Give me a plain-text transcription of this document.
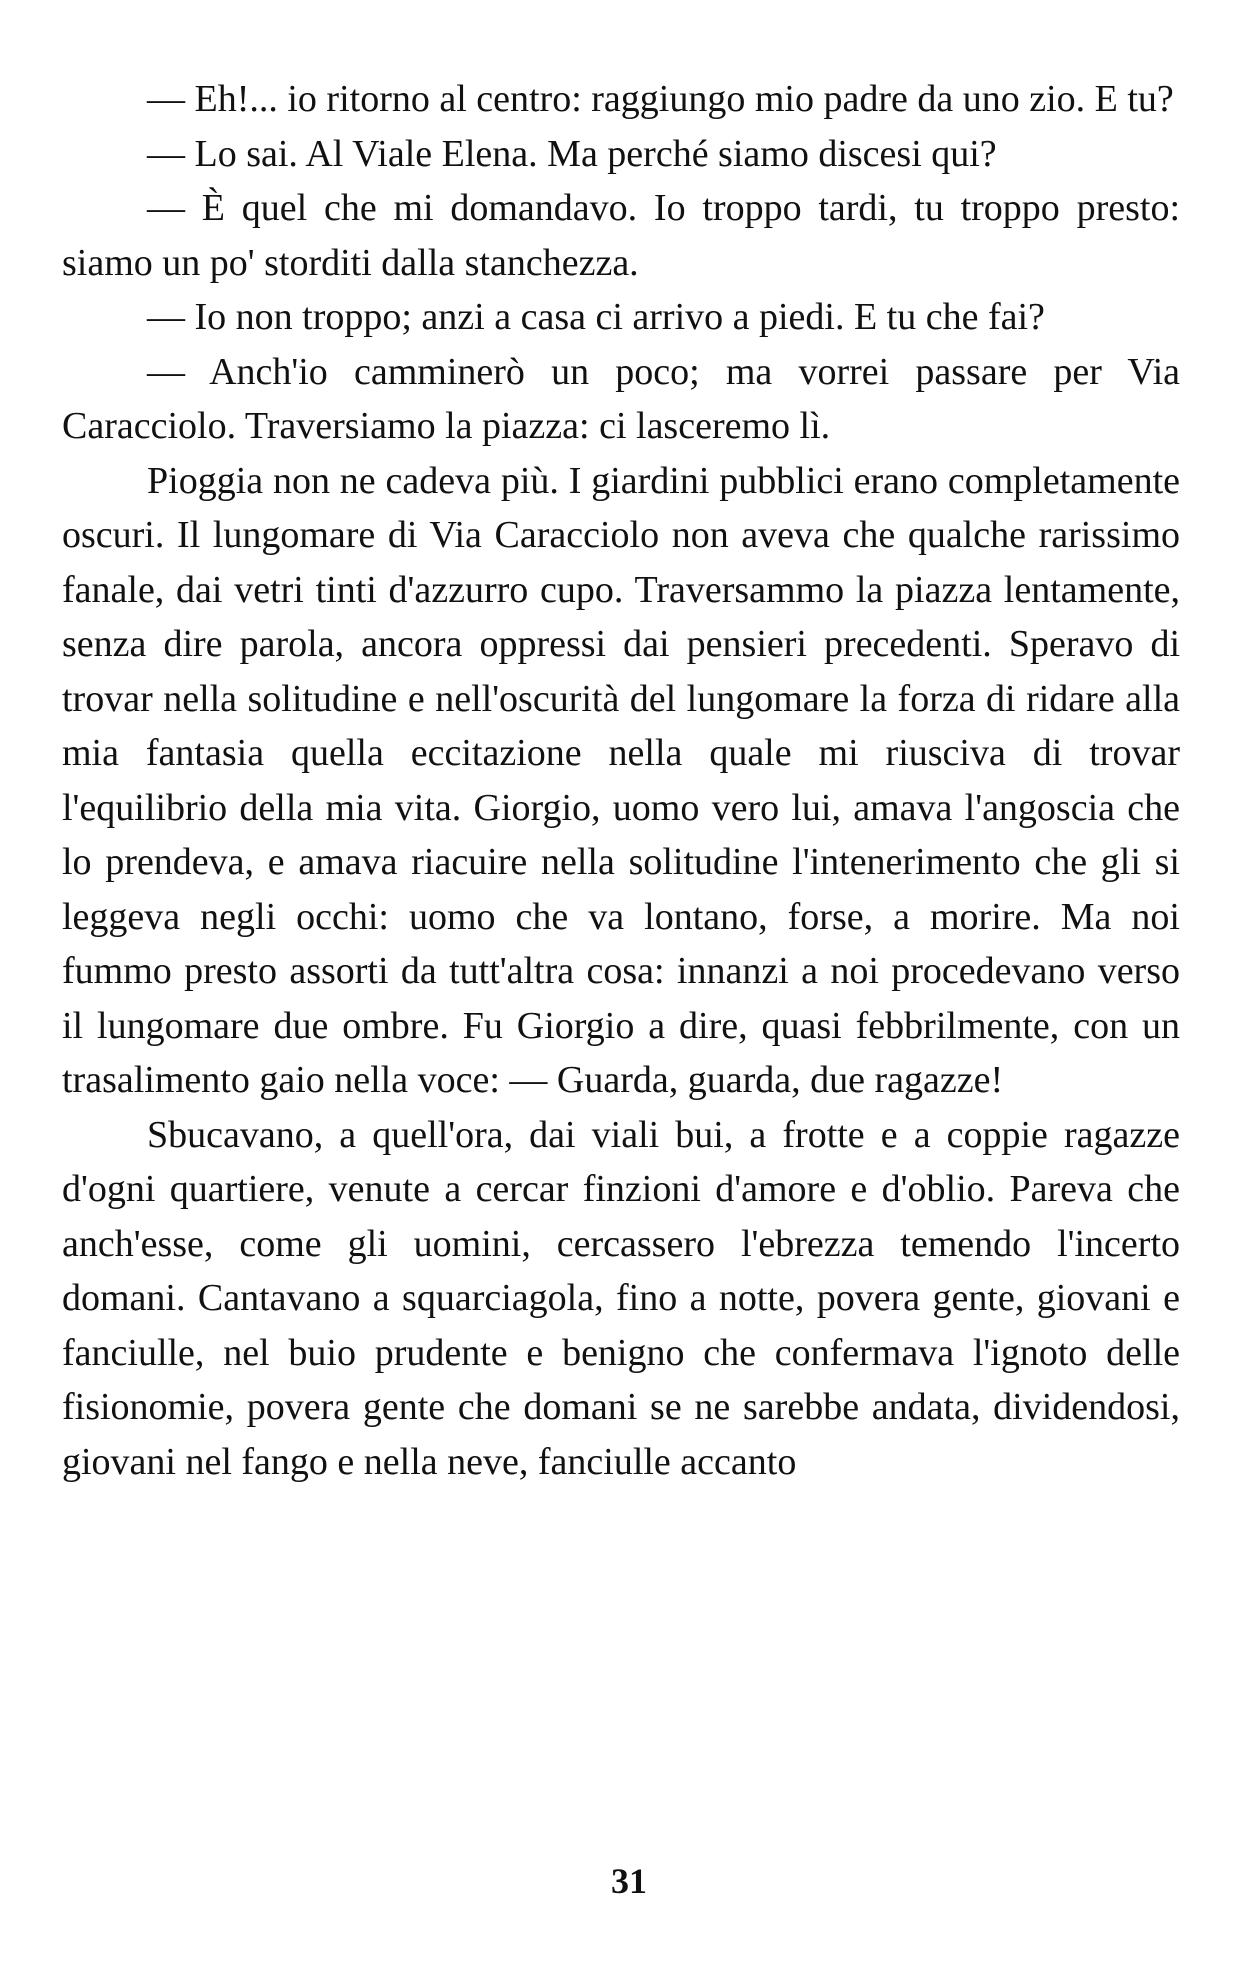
— Eh!... io ritorno al centro: raggiungo mio padre da uno zio. E tu?

— Lo sai. Al Viale Elena. Ma perché siamo discesi qui?

— È quel che mi domandavo. Io troppo tardi, tu troppo presto: siamo un po' storditi dalla stanchezza.

— Io non troppo; anzi a casa ci arrivo a piedi. E tu che fai?

— Anch'io camminerò un poco; ma vorrei passare per Via Caracciolo. Traversiamo la piazza: ci lasceremo lì.

Pioggia non ne cadeva più. I giardini pubblici erano completamente oscuri. Il lungomare di Via Caracciolo non aveva che qualche rarissimo fanale, dai vetri tinti d'azzurro cupo. Traversammo la piazza lentamente, senza dire parola, ancora oppressi dai pensieri precedenti. Speravo di trovar nella solitudine e nell'oscurità del lungomare la forza di ridare alla mia fantasia quella eccitazione nella quale mi riusciva di trovar l'equilibrio della mia vita. Giorgio, uomo vero lui, amava l'angoscia che lo prendeva, e amava riacuire nella solitudine l'intenerimento che gli si leggeva negli occhi: uomo che va lontano, forse, a morire. Ma noi fummo presto assorti da tutt'altra cosa: innanzi a noi procedevano verso il lungomare due ombre. Fu Giorgio a dire, quasi febbrilmente, con un trasalimento gaio nella voce: — Guarda, guarda, due ragazze!

Sbucavano, a quell'ora, dai viali bui, a frotte e a coppie ragazze d'ogni quartiere, venute a cercar finzioni d'amore e d'oblio. Pareva che anch'esse, come gli uomini, cercassero l'ebrezza temendo l'incerto domani. Cantavano a squarciagola, fino a notte, povera gente, giovani e fanciulle, nel buio prudente e benigno che confermava l'ignoto delle fisionomie, povera gente che domani se ne sarebbe andata, dividendosi, giovani nel fango e nella neve, fanciulle accanto

31
